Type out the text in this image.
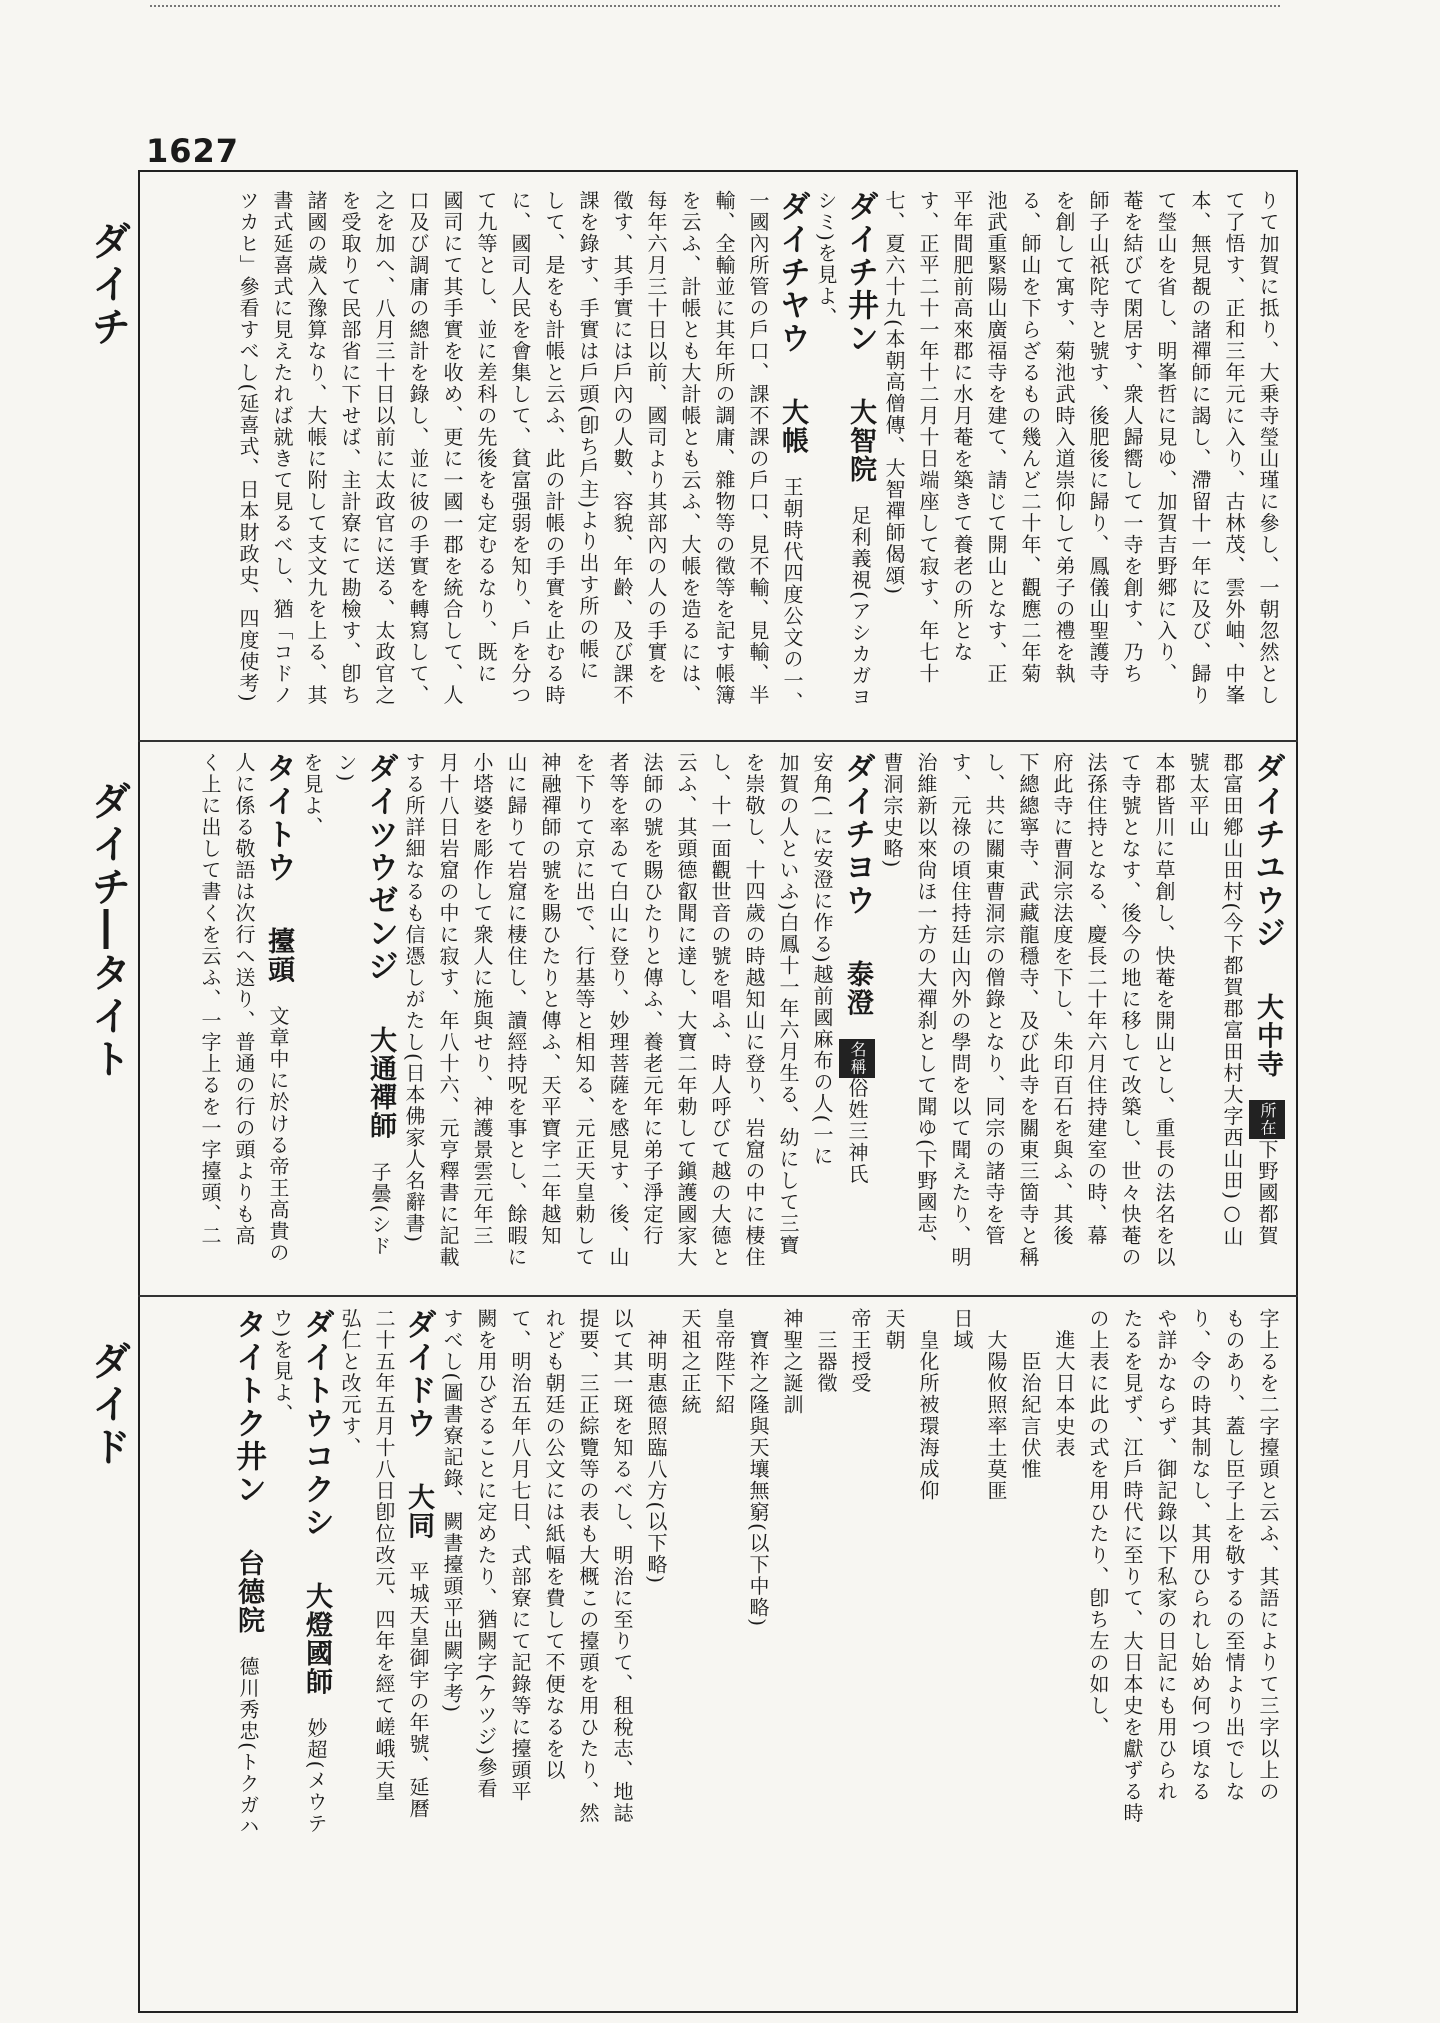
1627
ダイチ
ダイチ―タイト
ダイド
りて加賀に抵り、大乗寺瑩山瑾に參し、一朝忽然とし
て了悟す、正和三年元に入り、古林茂、雲外岫、中峯
本、無見覩の諸禪師に謁し、滯留十一年に及び、歸り
て瑩山を省し、明峯哲に見ゆ、加賀吉野郷に入り、
菴を結びて閑居す、衆人歸嚮して一寺を創す、乃ち
師子山祇陀寺と號す、後肥後に歸り、鳳儀山聖護寺
を創して寓す、菊池武時入道崇仰して弟子の禮を執
る、師山を下らざるもの幾んど二十年、觀應二年菊
池武重緊陽山廣福寺を建て、請じて開山となす、正
平年間肥前高來郡に水月菴を築きて養老の所とな
す、正平二十一年十二月十日端座して寂す、年七十
七、夏六十九(本朝高僧傳、大智禪師偈頌)
ダイチ井ン　大智院　足利義視(アシカガヨ
シミ)を見よ、
ダイチヤウ　大帳　王朝時代四度公文の一、
一國內所管の戶口、課不課の戶口、見不輸、見輸、半
輸、全輸並に其年所の調庸、雜物等の徵等を記す帳簿
を云ふ、計帳とも大計帳とも云ふ、大帳を造るには、
每年六月三十日以前、國司より其部內の人の手實を
徵す、其手實には戶內の人數、容貌、年齡、及び課不
課を錄す、手實は戶頭(卽ち戶主)より出す所の帳に
して、是をも計帳と云ふ、此の計帳の手實を止むる時
に、國司人民を會集して、貧富强弱を知り、戶を分つ
て九等とし、並に差科の先後をも定むるなり、既に
國司にて其手實を收め、更に一國一郡を統合して、人
口及び調庸の總計を錄し、並に彼の手實を轉寫して、
之を加へ、八月三十日以前に太政官に送る、太政官之
を受取りて民部省に下せば、主計寮にて勘檢す、卽ち
諸國の歲入豫算なり、大帳に附して支文九を上る、其
書式延喜式に見えたれば就きて見るべし、猶「コドノ
ツカヒ」參看すべし(延喜式、日本財政史、四度使考)
ダイチユウジ　大中寺　所在下野國都賀
郡富田鄕山田村(今下都賀郡富田村大字西山田)○山
號太平山
本郡皆川に草創し、快菴を開山とし、重長の法名を以
て寺號となす、後今の地に移して改築し、世々快菴の
法孫住持となる、慶長二十年六月住持建室の時、幕
府此寺に曹洞宗法度を下し、朱印百石を與ふ、其後
下總總寧寺、武藏龍穩寺、及び此寺を關東三箇寺と稱
し、共に關東曹洞宗の僧錄となり、同宗の諸寺を管
す、元祿の頃住持廷山內外の學問を以て聞えたり、明
治維新以來尙ほ一方の大禪刹として聞ゆ(下野國志、
曹洞宗史略)
ダイチヨウ　泰澄　名稱俗姓三神氏
安角(一に安澄に作る)越前國麻布の人(一に
加賀の人といふ)白鳳十一年六月生る、幼にして三寶
を崇敬し、十四歲の時越知山に登り、岩窟の中に棲住
し、十一面觀世音の號を唱ふ、時人呼びて越の大德と
云ふ、其頭德叡聞に達し、大寶二年勅して鎭護國家大
法師の號を賜ひたりと傳ふ、養老元年に弟子淨定行
者等を率ゐて白山に登り、妙理菩薩を感見す、後、山
を下りて京に出で、行基等と相知る、元正天皇勅して
神融禪師の號を賜ひたりと傳ふ、天平寶字二年越知
山に歸りて岩窟に棲住し、讀經持呪を事とし、餘暇に
小塔婆を彫作して衆人に施與せり、神護景雲元年三
月十八日岩窟の中に寂す、年八十六、元亨釋書に記載
する所詳細なるも信憑しがたし(日本佛家人名辭書)
ダイツウゼンジ　大通禪師　子曇(シドン)
を見よ、
タイトウ　擡頭　文章中に於ける帝王高貴の
人に係る敬語は次行へ送り、普通の行の頭よりも高
く上に出して書くを云ふ、一字上るを一字擡頭、二
字上るを二字擡頭と云ふ、其語によりて三字以上の
ものあり、蓋し臣子上を敬するの至情より出でしな
り、令の時其制なし、其用ひられし始め何つ頃なる
や詳かならず、御記錄以下私家の日記にも用ひられ
たるを見ず、江戶時代に至りて、大日本史を獻ずる時
の上表に此の式を用ひたり、卽ち左の如し、
　進大日本史表
　　臣治紀言伏惟
　大陽攸照率土莫匪
日域
　皇化所被環海成仰
天朝
帝王授受
　三器徵
神聖之誕訓
　寶祚之隆與天壤無窮(以下中略)
皇帝陛下紹
天祖之正統
　神明惠德照臨八方(以下略)
以て其一斑を知るべし、明治に至りて、租稅志、地誌
提要、三正綜覽等の表も大概この擡頭を用ひたり、然
れども朝廷の公文には紙幅を費して不便なるを以
て、明治五年八月七日、式部寮にて記錄等に擡頭平
闕を用ひざることに定めたり、猶闕字(ケツジ)參看
すべし(圖書寮記錄、闕書擡頭平出闕字考)
ダイドウ　大同　平城天皇御宇の年號、延曆
二十五年五月十八日卽位改元、四年を經て嵯峨天皇
弘仁と改元す、
ダイトウコクシ　大燈國師　妙超(メウテ
ウ)を見よ、
タイトク井ン　台德院　德川秀忠(トクガハ
